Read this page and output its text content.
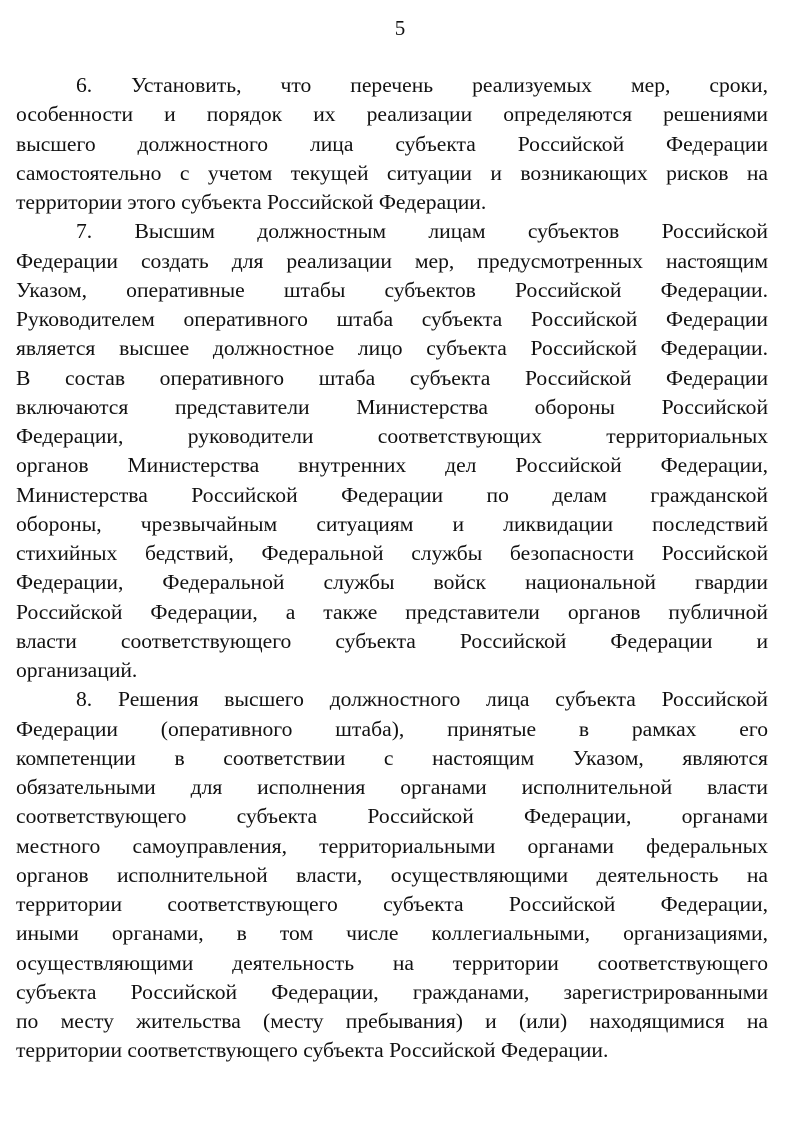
5
6. Установить, что перечень реализуемых мер, сроки,
особенности и порядок их реализации определяются решениями
высшего должностного лица субъекта Российской Федерации
самостоятельно с учетом текущей ситуации и возникающих рисков на
территории этого субъекта Российской Федерации.
7. Высшим должностным лицам субъектов Российской
Федерации создать для реализации мер, предусмотренных настоящим
Указом, оперативные штабы субъектов Российской Федерации.
Руководителем оперативного штаба субъекта Российской Федерации
является высшее должностное лицо субъекта Российской Федерации.
В состав оперативного штаба субъекта Российской Федерации
включаются представители Министерства обороны Российской
Федерации, руководители соответствующих территориальных
органов Министерства внутренних дел Российской Федерации,
Министерства Российской Федерации по делам гражданской
обороны, чрезвычайным ситуациям и ликвидации последствий
стихийных бедствий, Федеральной службы безопасности Российской
Федерации, Федеральной службы войск национальной гвардии
Российской Федерации, а также представители органов публичной
власти соответствующего субъекта Российской Федерации и
организаций.
8. Решения высшего должностного лица субъекта Российской
Федерации (оперативного штаба), принятые в рамках его
компетенции в соответствии с настоящим Указом, являются
обязательными для исполнения органами исполнительной власти
соответствующего субъекта Российской Федерации, органами
местного самоуправления, территориальными органами федеральных
органов исполнительной власти, осуществляющими деятельность на
территории соответствующего субъекта Российской Федерации,
иными органами, в том числе коллегиальными, организациями,
осуществляющими деятельность на территории соответствующего
субъекта Российской Федерации, гражданами, зарегистрированными
по месту жительства (месту пребывания) и (или) находящимися на
территории соответствующего субъекта Российской Федерации.
